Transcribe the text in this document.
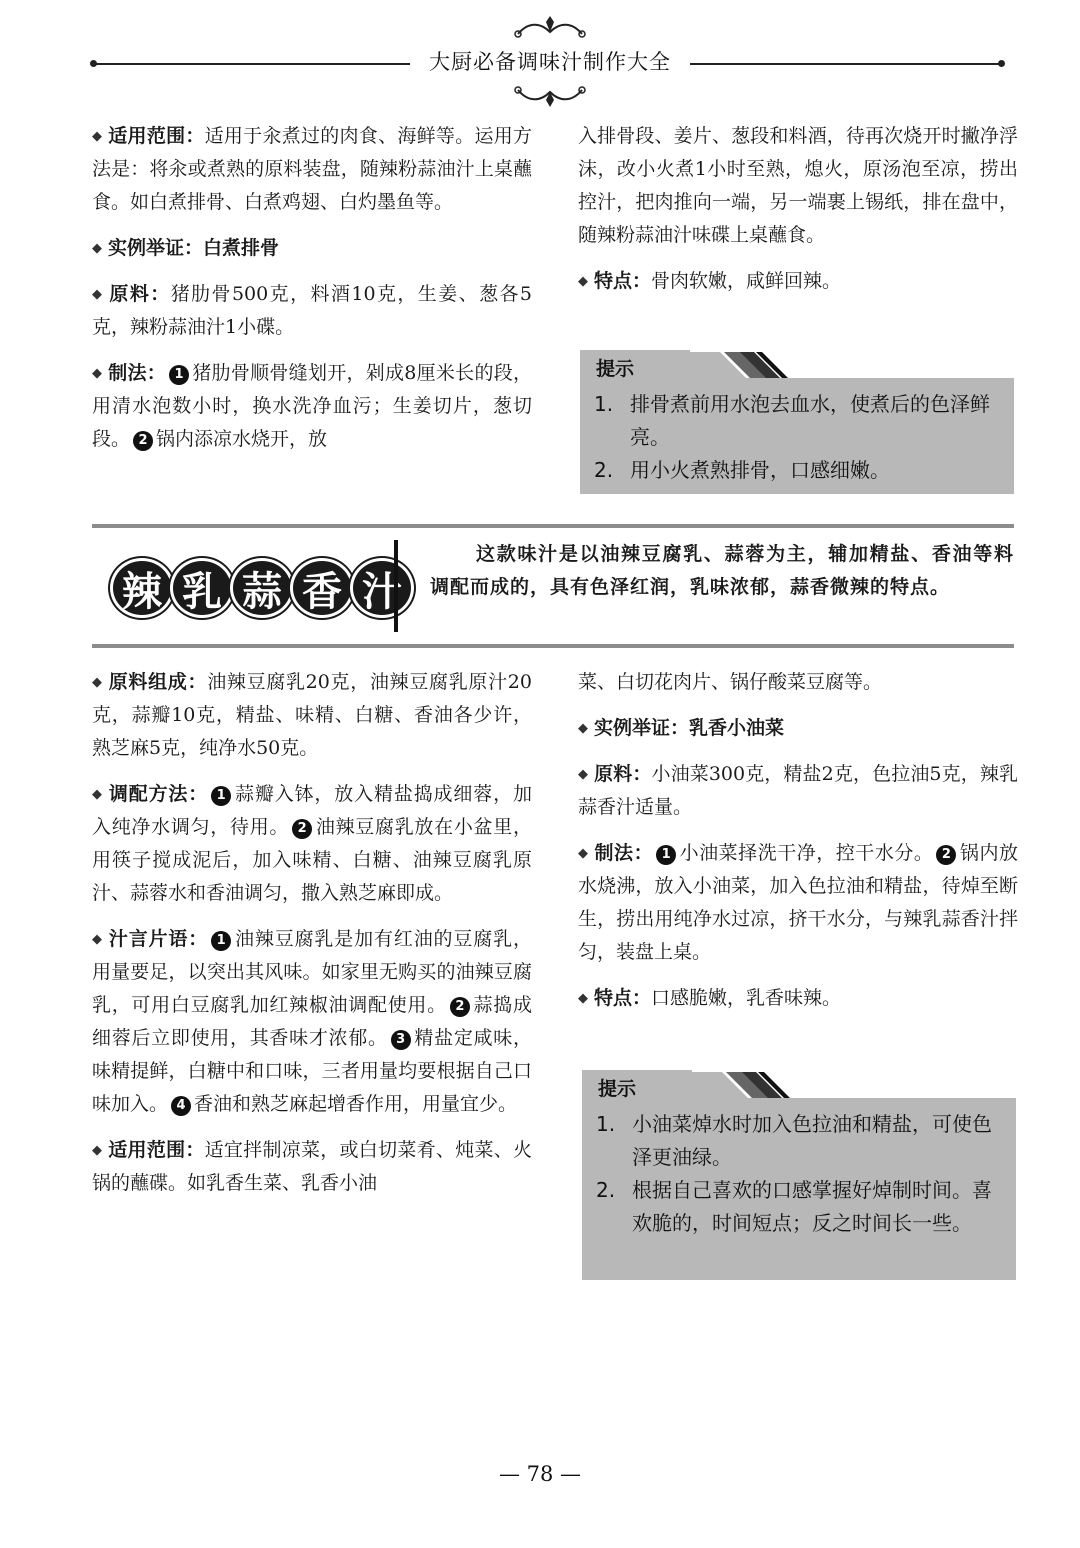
大厨必备调味汁制作大全

◆ 适用范围：适用于汆煮过的肉食、海鲜等。运用方法是：将汆或煮熟的原料装盘，随辣粉蒜油汁上桌蘸食。如白煮排骨、白煮鸡翅、白灼墨鱼等。

◆ 实例举证：白煮排骨

◆ 原料：猪肋骨500克，料酒10克，生姜、葱各5克，辣粉蒜油汁1小碟。

◆ 制法： 1 猪肋骨顺骨缝划开，剁成8厘米长的段，用清水泡数小时，换水洗净血污；生姜切片，葱切段。 2 锅内添凉水烧开，放

入排骨段、姜片、葱段和料酒，待再次烧开时撇净浮沫，改小火煮1小时至熟，熄火，原汤泡至凉，捞出控汁，把肉推向一端，另一端裹上锡纸，排在盘中，随辣粉蒜油汁味碟上桌蘸食。

◆ 特点：骨肉软嫩，咸鲜回辣。

提示
1. 排骨煮前用水泡去血水，使煮后的色泽鲜亮。
2. 用小火煮熟排骨，口感细嫩。
辣 乳 蒜 香 汁
这款味汁是以油辣豆腐乳、蒜蓉为主，辅加精盐、香油等料调配而成的，具有色泽红润，乳味浓郁，蒜香微辣的特点。

◆ 原料组成：油辣豆腐乳20克，油辣豆腐乳原汁20克，蒜瓣10克，精盐、味精、白糖、香油各少许，熟芝麻5克，纯净水50克。

◆ 调配方法： 1 蒜瓣入钵，放入精盐捣成细蓉，加入纯净水调匀，待用。 2 油辣豆腐乳放在小盆里，用筷子搅成泥后，加入味精、白糖、油辣豆腐乳原汁、蒜蓉水和香油调匀，撒入熟芝麻即成。

◆ 汁言片语： 1 油辣豆腐乳是加有红油的豆腐乳，用量要足，以突出其风味。如家里无购买的油辣豆腐乳，可用白豆腐乳加红辣椒油调配使用。 2 蒜捣成细蓉后立即使用，其香味才浓郁。 3 精盐定咸味，味精提鲜，白糖中和口味，三者用量均要根据自己口味加入。 4 香油和熟芝麻起增香作用，用量宜少。

◆ 适用范围：适宜拌制凉菜，或白切菜肴、炖菜、火锅的蘸碟。如乳香生菜、乳香小油

菜、白切花肉片、锅仔酸菜豆腐等。

◆ 实例举证：乳香小油菜

◆ 原料：小油菜300克，精盐2克，色拉油5克，辣乳蒜香汁适量。

◆ 制法： 1 小油菜择洗干净，控干水分。 2 锅内放水烧沸，放入小油菜，加入色拉油和精盐，待焯至断生，捞出用纯净水过凉，挤干水分，与辣乳蒜香汁拌匀，装盘上桌。

◆ 特点：口感脆嫩，乳香味辣。

提示
1. 小油菜焯水时加入色拉油和精盐，可使色泽更油绿。
2. 根据自己喜欢的口感掌握好焯制时间。喜欢脆的，时间短点；反之时间长一些。
— 78 —
